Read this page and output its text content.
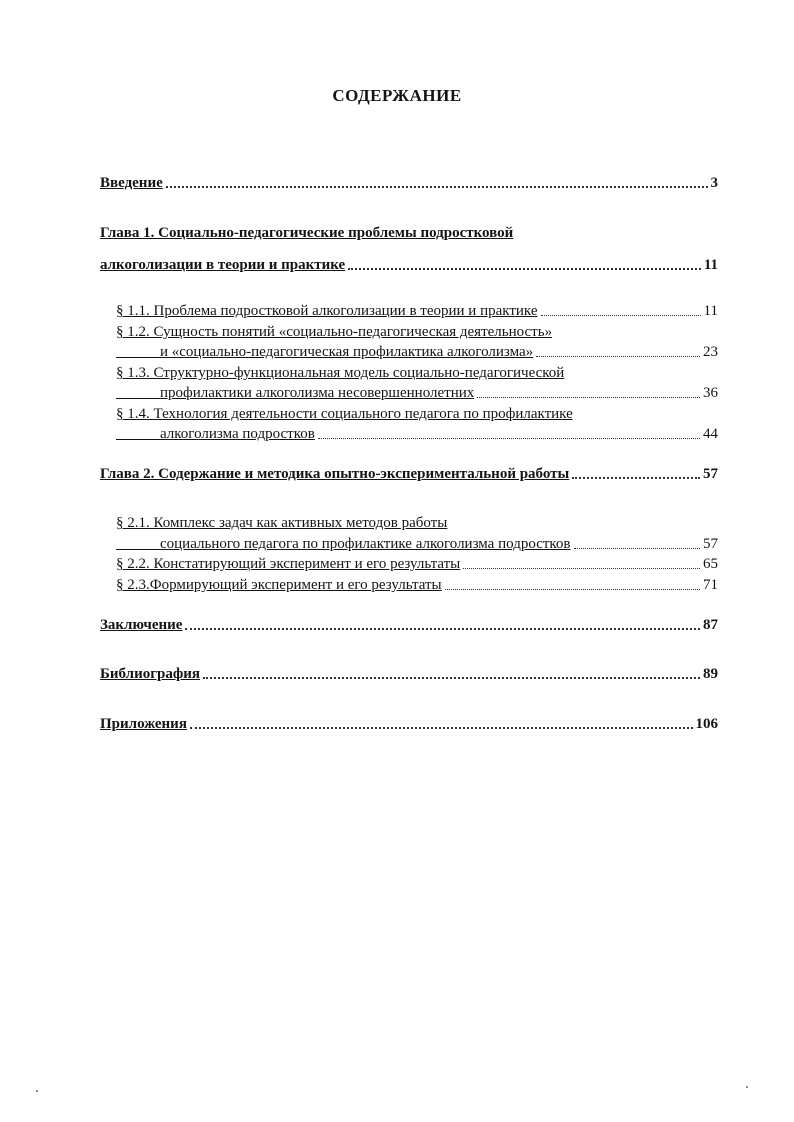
СОДЕРЖАНИЕ
Введение	3
Глава 1. Социально-педагогические проблемы подростковой
алкоголизации в теории и практике	11
§ 1.1. Проблема подростковой алкоголизации в теории и практике	11
§ 1.2. Сущность понятий «социально-педагогическая деятельность»
и «социально-педагогическая профилактика алкоголизма»	23
§ 1.3. Структурно-функциональная модель социально-педагогической
профилактики алкоголизма несовершеннолетних	36
§ 1.4. Технология деятельности социального педагога по профилактике
алкоголизма подростков	44
Глава 2. Содержание и методика опытно-экспериментальной работы	57
§ 2.1. Комплекс задач как активных методов работы
социального педагога по профилактике алкоголизма подростков	57
§ 2.2. Констатирующий эксперимент и его результаты	65
§ 2.3.Формирующий эксперимент и его результаты	71
Заключение	87
Библиография	89
Приложения	106
